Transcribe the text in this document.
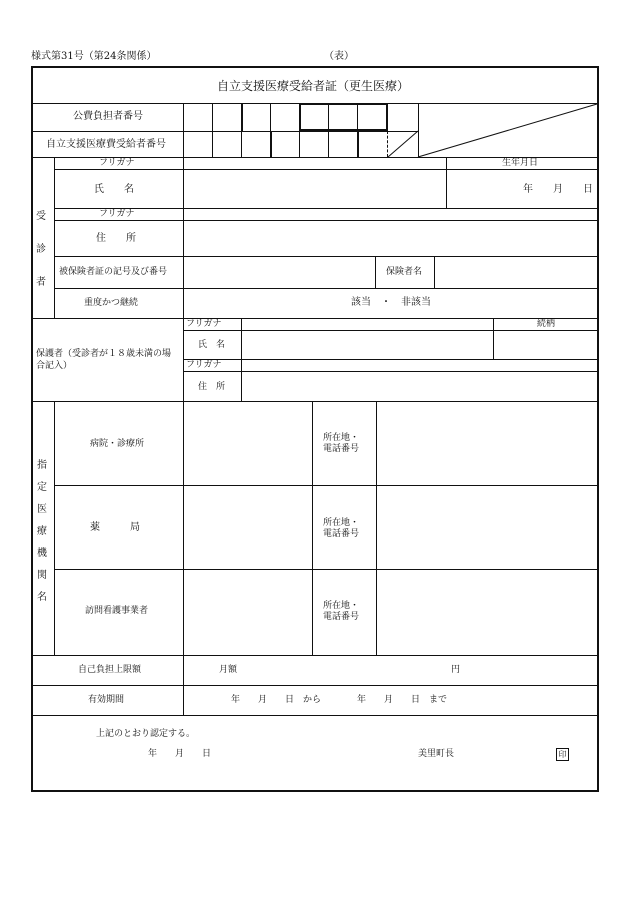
様式第31号（第24条関係）	（表）
自立支援医療受給者証（更生医療）
公費負担者番号
自立支援医療費受給者番号
受
診
者
フリガナ	生年月日
氏　　名	年　　月　　日
フリガナ
住　　所
被保険者証の記号及び番号	保険者名
重度かつ継続	該当　・　非該当
保護者（受診者が１８歳未満の場合記入）
フリガナ	続柄
氏　名
フリガナ
住　所
指
定
医
療
機
関
名
病院・診療所
所在地・
電話番号
薬　　　局	所在地・
電話番号
訪問看護事業者	所在地・
電話番号
自己負担上限額	月額	円
有効期間	年　　月　　日　から　　　　年　　月　　日　まで
上記のとおり認定する。
年　　月　　日	美里町長	印
